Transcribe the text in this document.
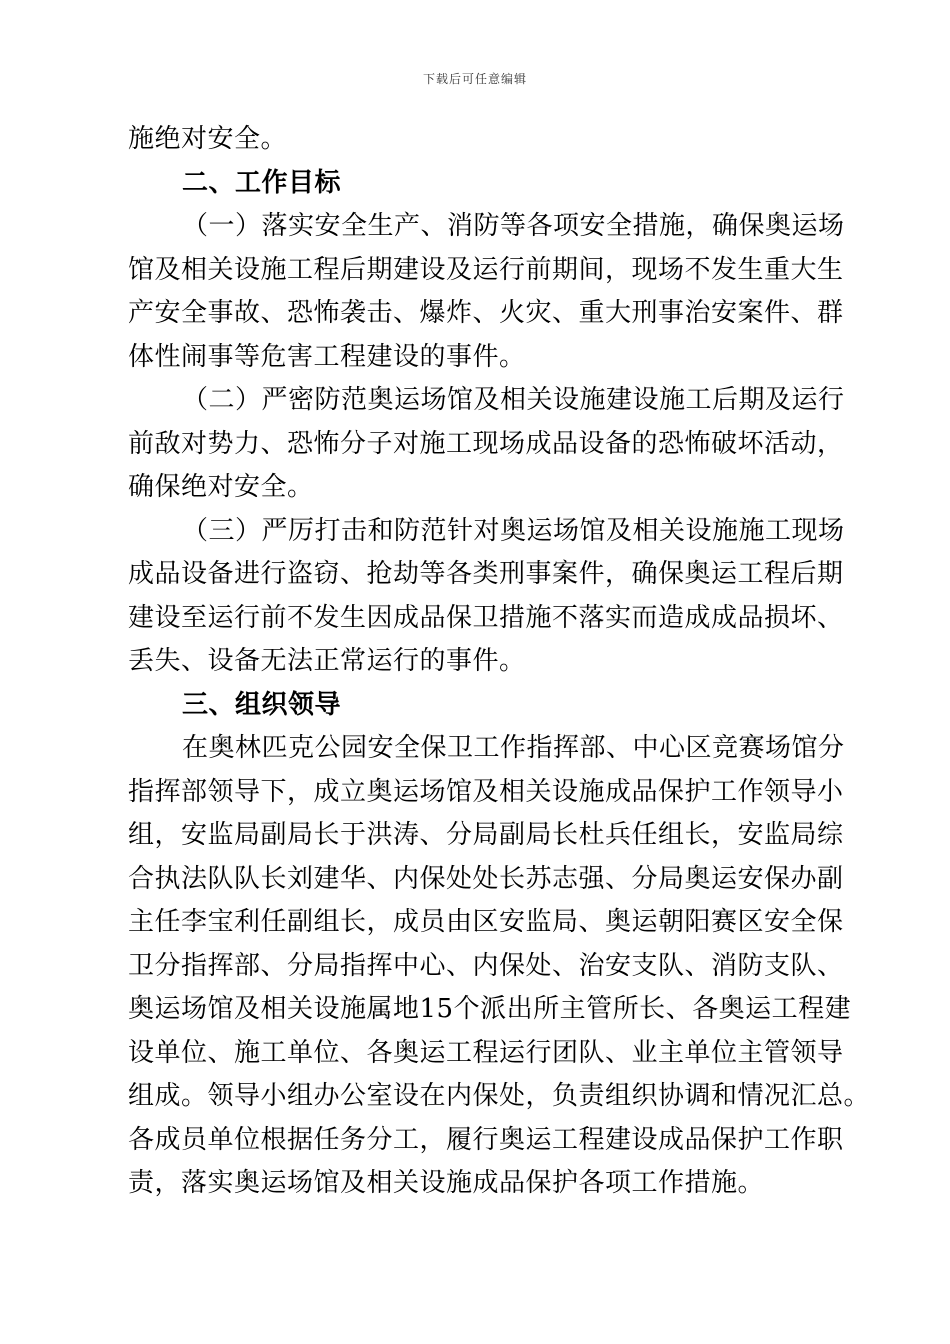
下载后可任意编辑
施绝对安全。
二、工作目标
（一）落实安全生产、消防等各项安全措施，确保奥运场
馆及相关设施工程后期建设及运行前期间，现场不发生重大生
产安全事故、恐怖袭击、爆炸、火灾、重大刑事治安案件、群
体性闹事等危害工程建设的事件。
（二）严密防范奥运场馆及相关设施建设施工后期及运行
前敌对势力、恐怖分子对施工现场成品设备的恐怖破坏活动，
确保绝对安全。
（三）严厉打击和防范针对奥运场馆及相关设施施工现场
成品设备进行盗窃、抢劫等各类刑事案件，确保奥运工程后期
建设至运行前不发生因成品保卫措施不落实而造成成品损坏、
丢失、设备无法正常运行的事件。
三、组织领导
在奥林匹克公园安全保卫工作指挥部、中心区竞赛场馆分
指挥部领导下，成立奥运场馆及相关设施成品保护工作领导小
组，安监局副局长于洪涛、分局副局长杜兵任组长，安监局综
合执法队队长刘建华、内保处处长苏志强、分局奥运安保办副
主任李宝利任副组长，成员由区安监局、奥运朝阳赛区安全保
卫分指挥部、分局指挥中心、内保处、治安支队、消防支队、
奥运场馆及相关设施属地15个派出所主管所长、各奥运工程建
设单位、施工单位、各奥运工程运行团队、业主单位主管领导
组成。领导小组办公室设在内保处，负责组织协调和情况汇总。
各成员单位根据任务分工，履行奥运工程建设成品保护工作职
责，落实奥运场馆及相关设施成品保护各项工作措施。
